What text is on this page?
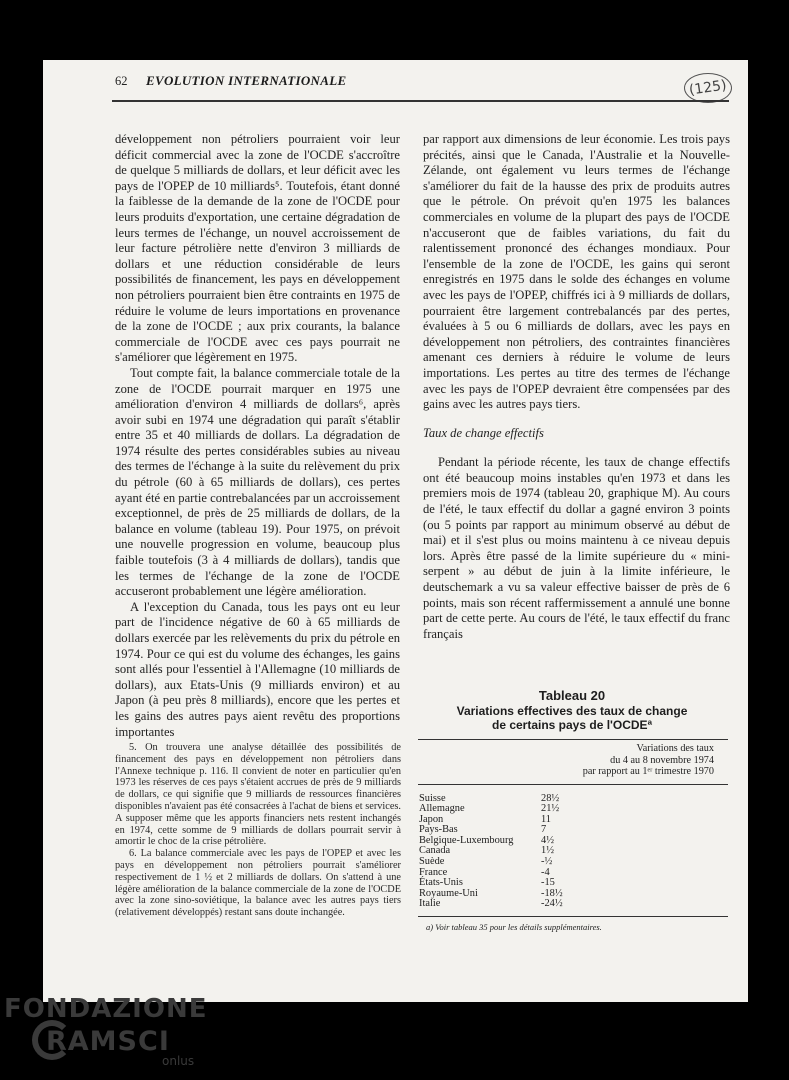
62 EVOLUTION INTERNATIONALE	(125)

développement non pétroliers pourraient voir leur déficit commercial avec la zone de l'OCDE s'accroître de quelque 5 milliards de dollars, et leur déficit avec les pays de l'OPEP de 10 milliards⁵. Toutefois, étant donné la faiblesse de la demande de la zone de l'OCDE pour leurs produits d'exportation, une certaine dégradation de leurs termes de l'échange, un nouvel accroissement de leur facture pétrolière nette d'environ 3 milliards de dollars et une réduction considérable de leurs possibilités de financement, les pays en développement non pétroliers pourraient bien être contraints en 1975 de réduire le volume de leurs importations en provenance de la zone de l'OCDE ; aux prix courants, la balance commerciale de l'OCDE avec ces pays pourrait ne s'améliorer que légèrement en 1975.

Tout compte fait, la balance commerciale totale de la zone de l'OCDE pourrait marquer en 1975 une amélioration d'environ 4 milliards de dollars⁶, après avoir subi en 1974 une dégradation qui paraît s'établir entre 35 et 40 milliards de dollars. La dégradation de 1974 résulte des pertes considérables subies au niveau des termes de l'échange à la suite du relèvement du prix du pétrole (60 à 65 milliards de dollars), ces pertes ayant été en partie contrebalancées par un accroissement exceptionnel, de près de 25 milliards de dollars, de la balance en volume (tableau 19). Pour 1975, on prévoit une nouvelle progression en volume, beaucoup plus faible toutefois (3 à 4 milliards de dollars), tandis que les termes de l'échange de la zone de l'OCDE accuseront probablement une légère amélioration.

A l'exception du Canada, tous les pays ont eu leur part de l'incidence négative de 60 à 65 milliards de dollars exercée par les relèvements du prix du pétrole en 1974. Pour ce qui est du volume des échanges, les gains sont allés pour l'essentiel à l'Allemagne (10 milliards de dollars), aux Etats-Unis (9 milliards environ) et au Japon (à peu près 8 milliards), encore que les pertes et les gains des autres pays aient revêtu des proportions importantes

5. On trouvera une analyse détaillée des possibilités de financement des pays en développement non pétroliers dans l'Annexe technique p. 116. Il convient de noter en particulier qu'en 1973 les réserves de ces pays s'étaient accrues de près de 9 milliards de dollars, ce qui signifie que 9 milliards de ressources financières disponibles n'avaient pas été consacrées à l'achat de biens et services. A supposer même que les apports financiers nets restent inchangés en 1974, cette somme de 9 milliards de dollars pourrait servir à amortir le choc de la crise pétrolière.

6. La balance commerciale avec les pays de l'OPEP et avec les pays en développement non pétroliers pourrait s'améliorer respectivement de 1 ½ et 2 milliards de dollars. On s'attend à une légère amélioration de la balance commerciale de la zone de l'OCDE avec la zone sino-soviétique, la balance avec les autres pays tiers (relativement développés) restant sans doute inchangée.

par rapport aux dimensions de leur économie. Les trois pays précités, ainsi que le Canada, l'Australie et la Nouvelle-Zélande, ont également vu leurs termes de l'échange s'améliorer du fait de la hausse des prix de produits autres que le pétrole. On prévoit qu'en 1975 les balances commerciales en volume de la plupart des pays de l'OCDE n'accuseront que de faibles variations, du fait du ralentissement prononcé des échanges mondiaux. Pour l'ensemble de la zone de l'OCDE, les gains qui seront enregistrés en 1975 dans le solde des échanges en volume avec les pays de l'OPEP, chiffrés ici à 9 milliards de dollars, pourraient être largement contrebalancés par des pertes, évaluées à 5 ou 6 milliards de dollars, avec les pays en développement non pétroliers, des contraintes financières amenant ces derniers à réduire le volume de leurs importations. Les pertes au titre des termes de l'échange avec les pays de l'OPEP devraient être compensées par des gains avec les autres pays tiers.

Taux de change effectifs

Pendant la période récente, les taux de change effectifs ont été beaucoup moins instables qu'en 1973 et dans les premiers mois de 1974 (tableau 20, graphique M). Au cours de l'été, le taux effectif du dollar a gagné environ 3 points (ou 5 points par rapport au minimum observé au début de mai) et il s'est plus ou moins maintenu à ce niveau depuis lors. Après être passé de la limite supérieure du « mini-serpent » au début de juin à la limite inférieure, le deutschemark a vu sa valeur effective baisser de près de 6 points, mais son récent raffermissement a annulé une bonne part de cette perte. Au cours de l'été, le taux effectif du franc français

Tableau 20
Variations effectives des taux de change
de certains pays de l'OCDEª
Variations des taux
du 4 au 8 novembre 1974
par rapport au 1ᵉʳ trimestre 1970
Suisse	28½
Allemagne	21½
Japon	11
Pays-Bas	7
Belgique-Luxembourg	4½
Canada	1½
Suède	-½
France	-4
États-Unis	-15
Royaume-Uni	-18½
Italie	-24½
a) Voir tableau 35 pour les détails supplémentaires.
FONDAZIONE
RAMSCI
onlus
